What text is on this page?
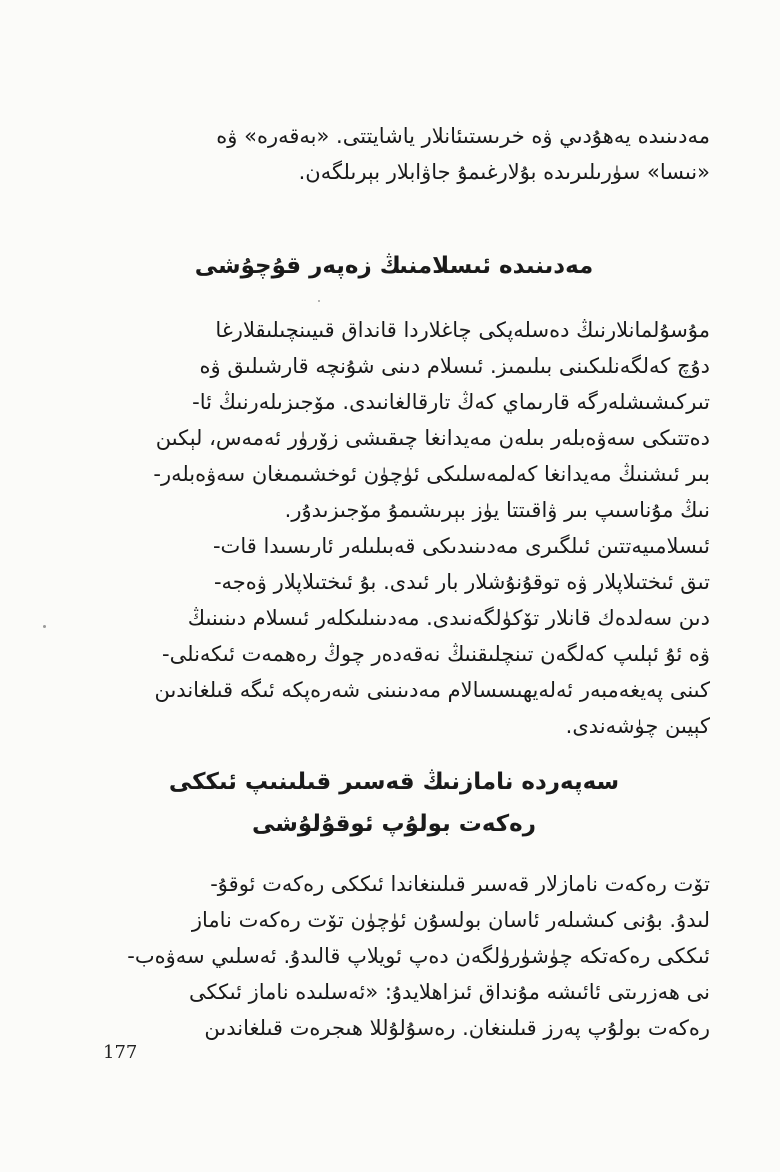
مەدىنىدە يەھۇدىي ۋە خرىستىئانلار ياشايتتى. «بەقەرە» ۋە

«نىسا» سۈرىلىرىدە بۇلارغىمۇ جاۋابلار بېرىلگەن.

مەدىنىدە ئىسلامنىڭ زەپەر قۇچۇشى

مۇسۇلمانلارنىڭ دەسلەپكى چاغلاردا قانداق قىيىنچىلىقلارغا

دۇچ كەلگەنلىكىنى بىلىمىز. ئىسلام دىنى شۇنچە قارشىلىق ۋە

تىركىشىشلەرگە قارىماي كەڭ تارقالغانىدى. مۆجىزىلەرنىڭ ئا-

دەتتىكى سەۋەبلەر بىلەن مەيدانغا چىقىشى زۆرۈر ئەمەس، لېكىن

بىر ئىشنىڭ مەيدانغا كەلمەسلىكى ئۈچۈن ئوخشىمىغان سەۋەبلەر-

نىڭ مۇناسىپ بىر ۋاقىتتا يۈز بېرىشىمۇ مۆجىزىدۇر.

ئىسلامىيەتتىن ئىلگىرى مەدىنىدىكى قەبىلىلەر ئارىسىدا قات-

تىق ئىختىلاپلار ۋە توقۇنۇشلار بار ئىدى. بۇ ئىختىلاپلار ۋەجە-

دىن سەلدەك قانلار تۆكۈلگەنىدى. مەدىنىلىكلەر ئىسلام دىنىنىڭ

ۋە ئۇ ئېلىپ كەلگەن تىنچلىقنىڭ نەقەدەر چوڭ رەھمەت ئىكەنلى-

كىنى پەيغەمبەر ئەلەيھىسسالام مەدىنىنى شەرەپكە ئىگە قىلغاندىن

كېيىن چۈشەندى.

سەپەردە نامازنىڭ قەسىر قىلىنىپ ئىككى
رەكەت بولۇپ ئوقۇلۇشى

تۆت رەكەت نامازلار قەسىر قىلىنغاندا ئىككى رەكەت ئوقۇ-

لىدۇ. بۇنى كىشىلەر ئاسان بولسۇن ئۈچۈن تۆت رەكەت ناماز

ئىككى رەكەتكە چۈشۈرۈلگەن دەپ ئويلاپ قالىدۇ. ئەسلىي سەۋەب-

نى ھەزرىتى ئائىشە مۇنداق ئىزاھلايدۇ: «ئەسلىدە ناماز ئىككى

رەكەت بولۇپ پەرز قىلىنغان. رەسۇلۇللا ھىجرەت قىلغاندىن

177
